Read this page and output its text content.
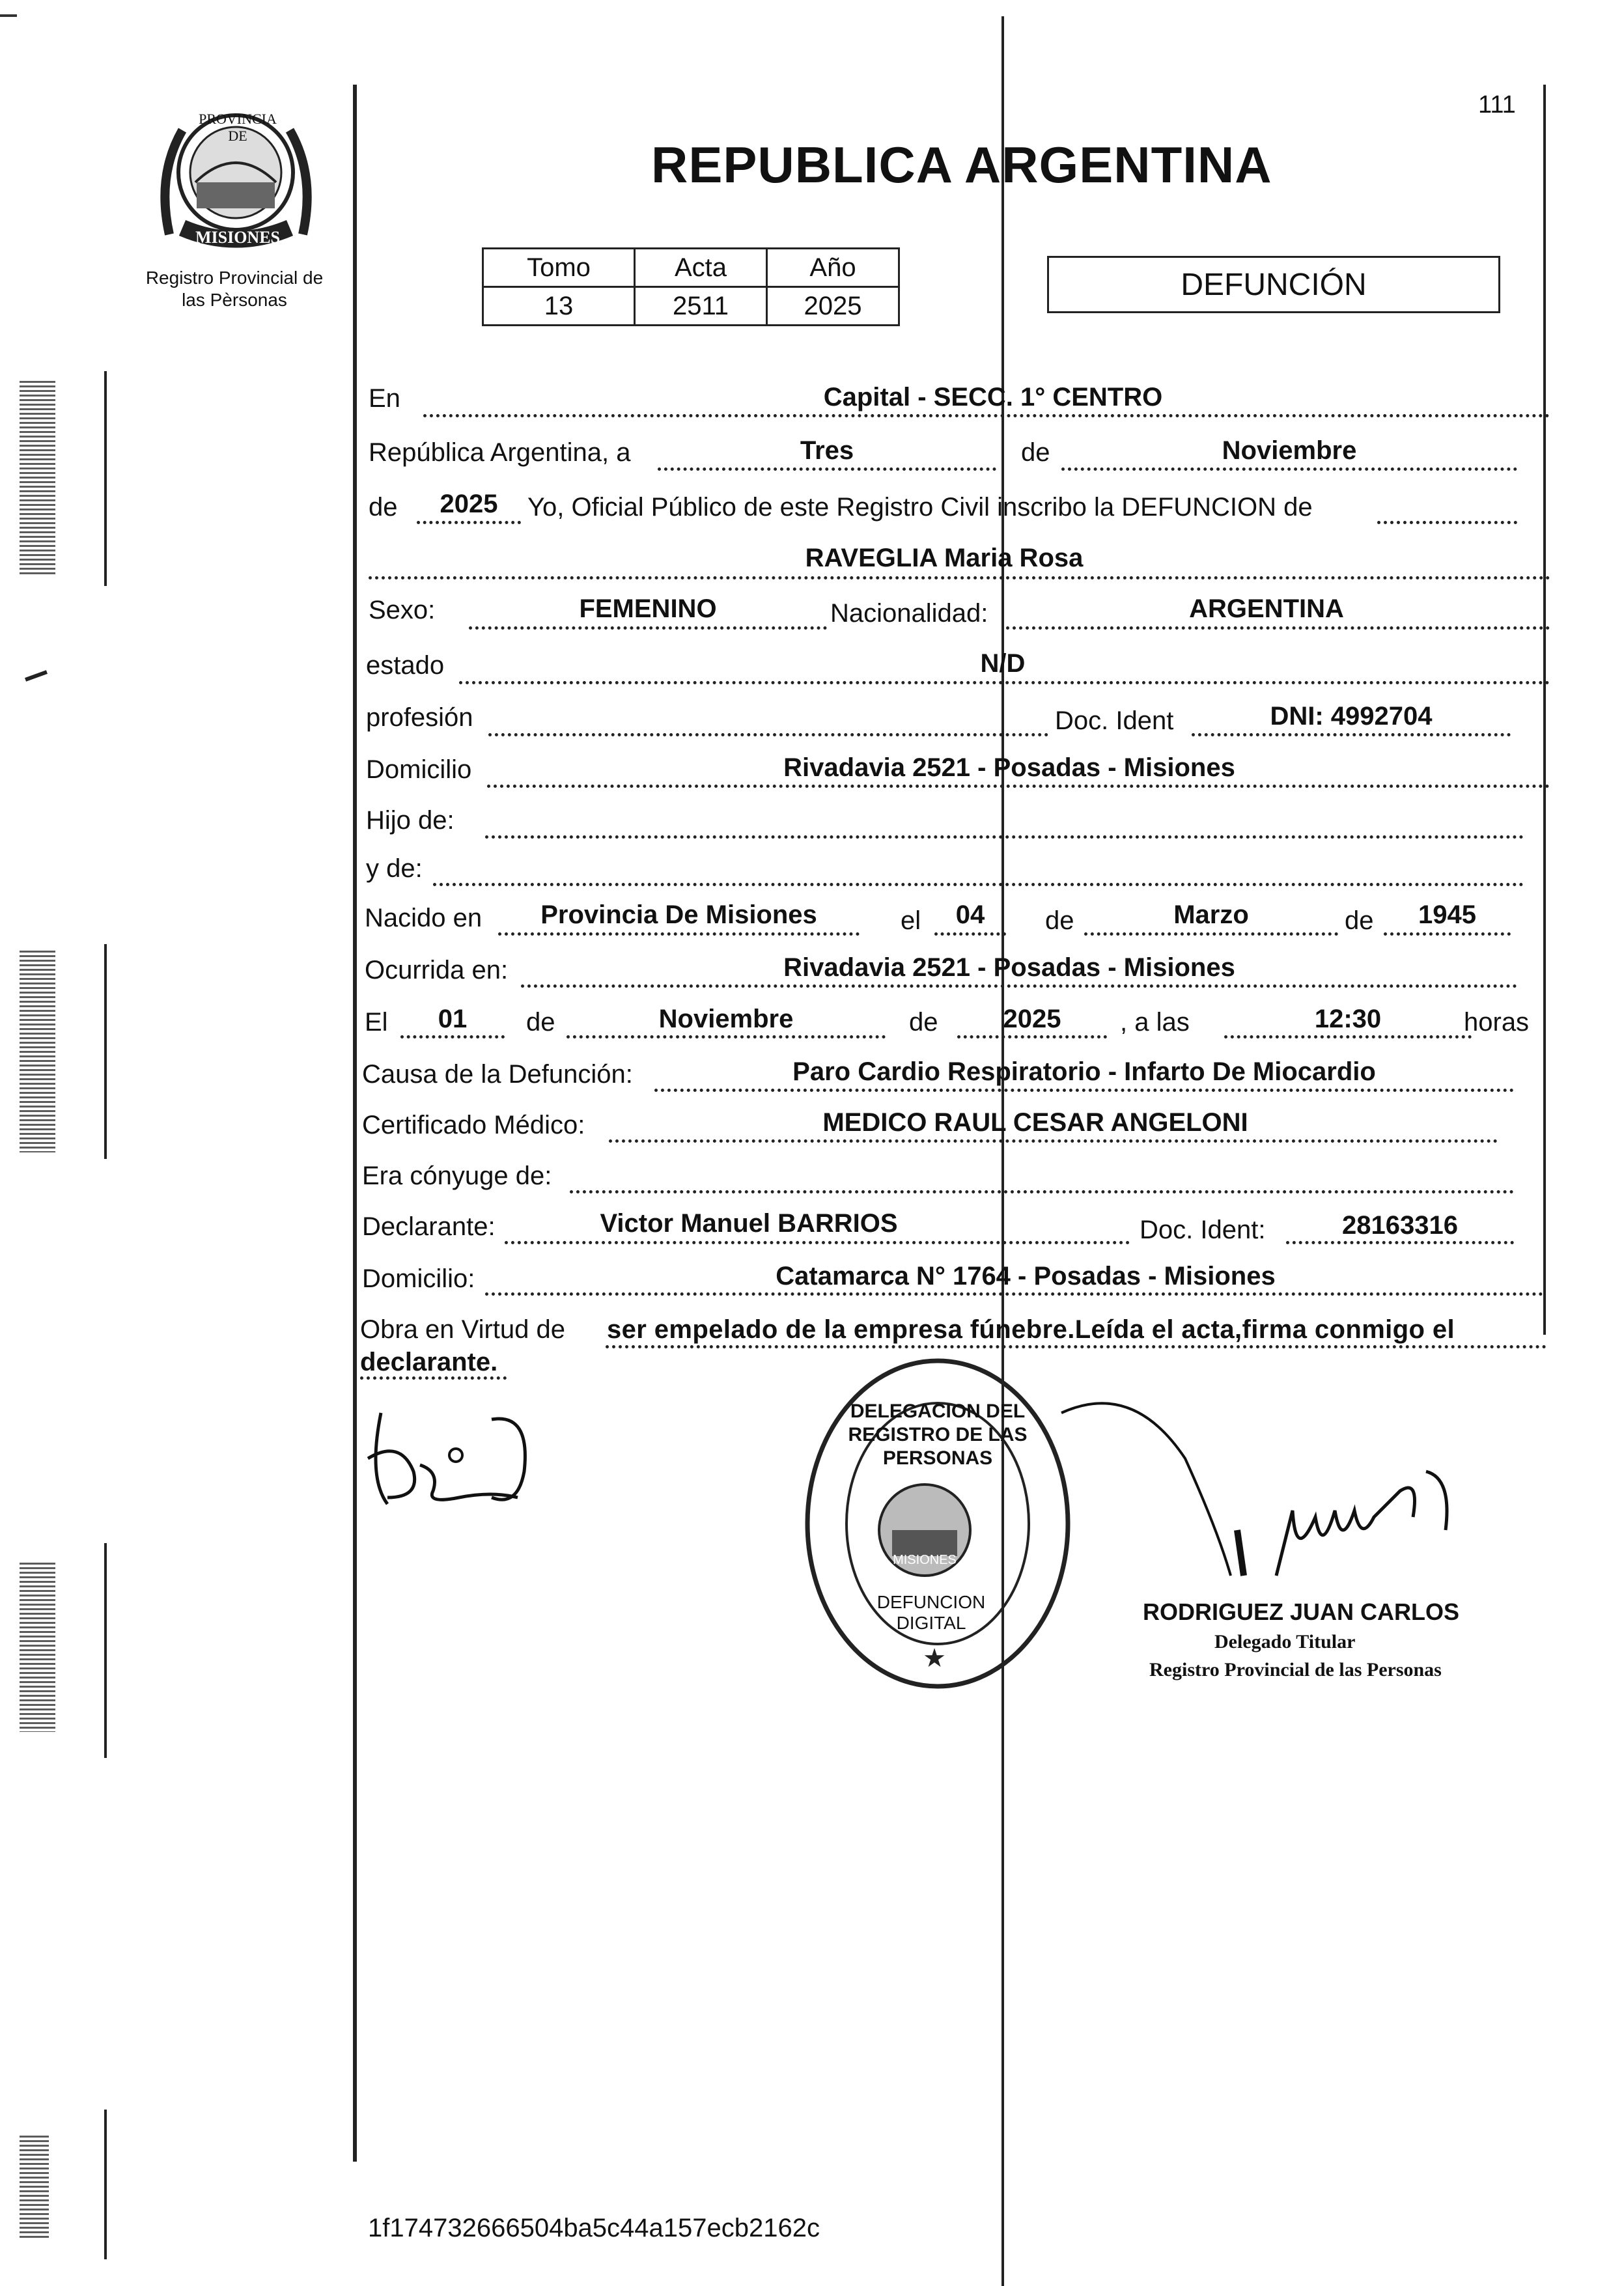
PROVINCIA DE
MISIONES
Registro Provincial de las Pèrsonas
111
REPUBLICA ARGENTINA
Tomo	Acta	Año
13	2511	2025
DEFUNCIÓN
En	Capital - SECC. 1° CENTRO
República Argentina, a	Tres	de	Noviembre
de	2025	Yo, Oficial Público de este Registro Civil inscribo la DEFUNCION de
RAVEGLIA Maria Rosa
Sexo:	FEMENINO	Nacionalidad:	ARGENTINA
estado	N/D
profesión	Doc. Ident	DNI: 4992704
Domicilio	Rivadavia 2521 - Posadas - Misiones
Hijo de:
y de:
Nacido en	Provincia De Misiones	el	04	de	Marzo	de	1945
Ocurrida en:	Rivadavia 2521 - Posadas - Misiones
El	01	de	Noviembre	de	2025	, a las	12:30	horas
Causa de la Defunción:	Paro Cardio Respiratorio - Infarto De Miocardio
Certificado Médico:	MEDICO RAUL CESAR ANGELONI
Era cónyuge de:
Declarante:	Victor Manuel BARRIOS	Doc. Ident:	28163316
Domicilio:	Catamarca N° 1764 - Posadas - Misiones
Obra en Virtud de ser empelado de la empresa fúnebre.Leída el acta,firma conmigo el
declarante.
★
DELEGACION DEL REGISTRO DE LAS PERSONAS
DEFUNCION DIGITAL
MISIONES
RODRIGUEZ JUAN CARLOS
Delegado Titular
Registro Provincial de las Personas
1f174732666504ba5c44a157ecb2162c
